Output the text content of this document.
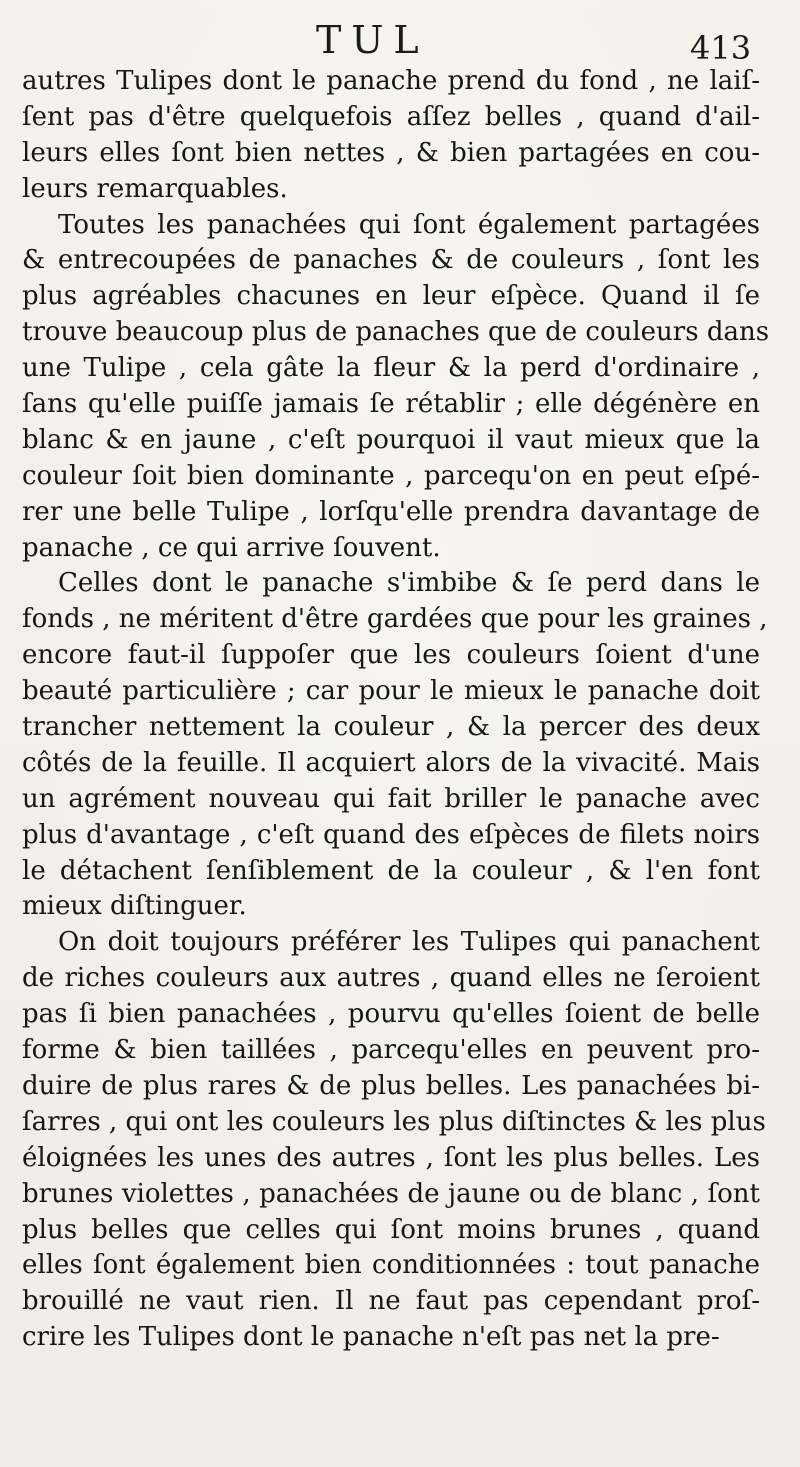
TUL	413
autres Tulipes dont le panache prend du fond , ne laiſ-
ſent pas d'être quelquefois aſſez belles , quand d'ail-
leurs elles ſont bien nettes , & bien partagées en cou-
leurs remarquables.
Toutes les panachées qui ſont également partagées
& entrecoupées de panaches & de couleurs , ſont les
plus agréables chacunes en leur eſpèce. Quand il ſe
trouve beaucoup plus de panaches que de couleurs dans
une Tulipe , cela gâte la fleur & la perd d'ordinaire ,
ſans qu'elle puiſſe jamais ſe rétablir ; elle dégénère en
blanc & en jaune , c'eſt pourquoi il vaut mieux que la
couleur ſoit bien dominante , parcequ'on en peut eſpé-
rer une belle Tulipe , lorſqu'elle prendra davantage de
panache , ce qui arrive ſouvent.
Celles dont le panache s'imbibe & ſe perd dans le
fonds , ne méritent d'être gardées que pour les graines ,
encore faut-il ſuppoſer que les couleurs ſoient d'une
beauté particulière ; car pour le mieux le panache doit
trancher nettement la couleur , & la percer des deux
côtés de la feuille. Il acquiert alors de la vivacité. Mais
un agrément nouveau qui fait briller le panache avec
plus d'avantage , c'eſt quand des eſpèces de filets noirs
le détachent ſenſiblement de la couleur , & l'en font
mieux diſtinguer.
On doit toujours préférer les Tulipes qui panachent
de riches couleurs aux autres , quand elles ne ſeroient
pas ſi bien panachées , pourvu qu'elles ſoient de belle
forme & bien taillées , parcequ'elles en peuvent pro-
duire de plus rares & de plus belles. Les panachées bi-
ſarres , qui ont les couleurs les plus diſtinctes & les plus
éloignées les unes des autres , ſont les plus belles. Les
brunes violettes , panachées de jaune ou de blanc , ſont
plus belles que celles qui ſont moins brunes , quand
elles ſont également bien conditionnées : tout panache
brouillé ne vaut rien. Il ne faut pas cependant proſ-
crire les Tulipes dont le panache n'eſt pas net la pre-
